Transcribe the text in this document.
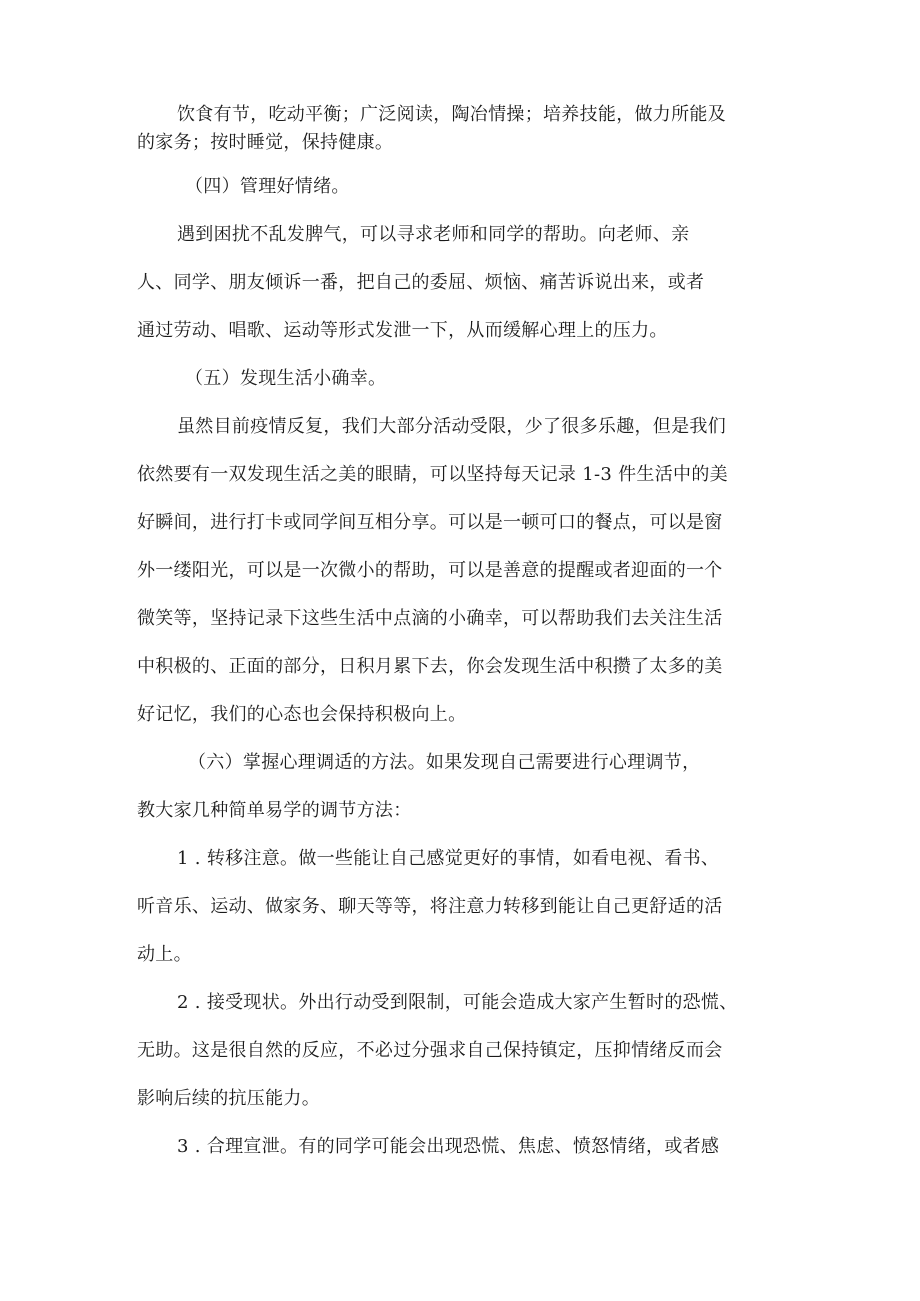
饮食有节，吃动平衡；广泛阅读，陶冶情操；培养技能，做力所能及
的家务；按时睡觉，保持健康。
（四）管理好情绪。
遇到困扰不乱发脾气，可以寻求老师和同学的帮助。向老师、亲
人、同学、朋友倾诉一番，把自己的委屈、烦恼、痛苦诉说出来，或者
通过劳动、唱歌、运动等形式发泄一下，从而缓解心理上的压力。
（五）发现生活小确幸。
虽然目前疫情反复，我们大部分活动受限，少了很多乐趣，但是我们
依然要有一双发现生活之美的眼睛，可以坚持每天记录 1-3 件生活中的美
好瞬间，进行打卡或同学间互相分享。可以是一顿可口的餐点，可以是窗
外一缕阳光，可以是一次微小的帮助，可以是善意的提醒或者迎面的一个
微笑等，坚持记录下这些生活中点滴的小确幸，可以帮助我们去关注生活
中积极的、正面的部分，日积月累下去，你会发现生活中积攒了太多的美
好记忆，我们的心态也会保持积极向上。
（六）掌握心理调适的方法。如果发现自己需要进行心理调节，
教大家几种简单易学的调节方法：
1 . 转移注意。做一些能让自己感觉更好的事情，如看电视、看书、
听音乐、运动、做家务、聊天等等，将注意力转移到能让自己更舒适的活
动上。
2 . 接受现状。外出行动受到限制，可能会造成大家产生暂时的恐慌、
无助。这是很自然的反应，不必过分强求自己保持镇定，压抑情绪反而会
影响后续的抗压能力。
3 . 合理宣泄。有的同学可能会出现恐慌、焦虑、愤怒情绪，或者感
